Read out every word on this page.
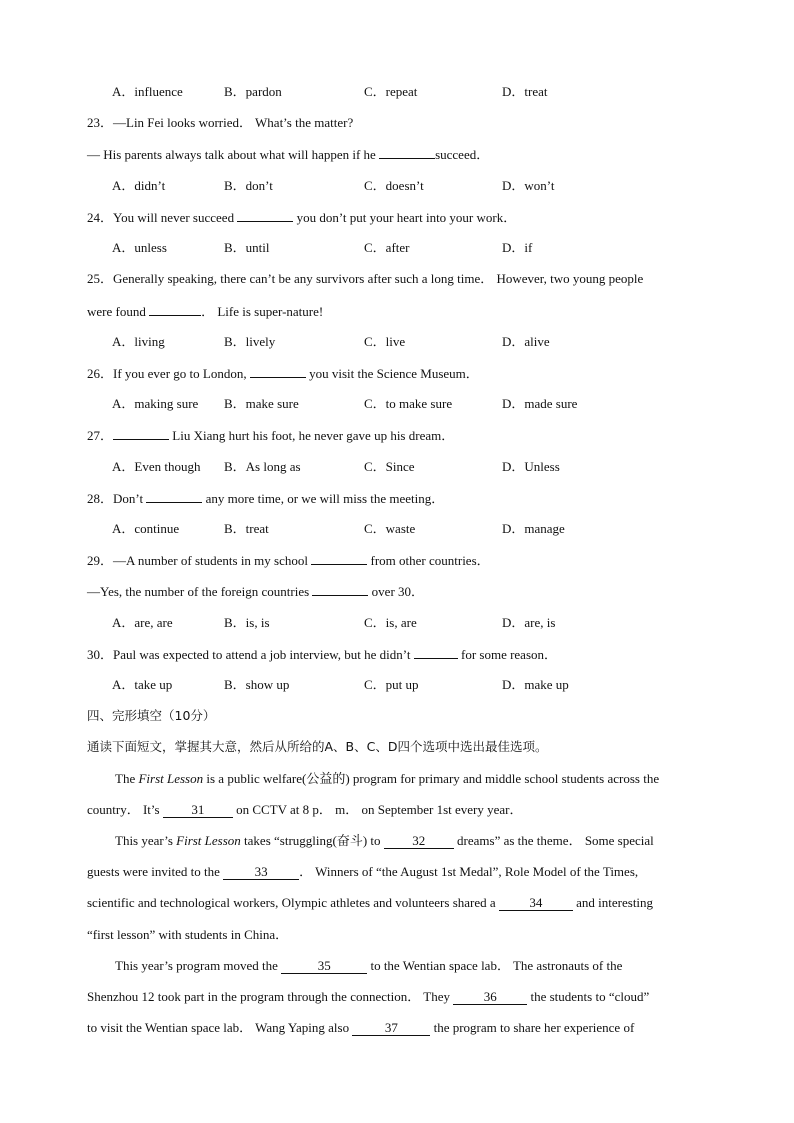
A．influence	B．pardon	C．repeat	D．treat
23．—Lin Fei looks worried． What’s the matter?
— His parents always talk about what will happen if he	succeed．
A．didn’t	B．don’t	C．doesn’t	D．won’t
24．You will never succeed	you don’t put your heart into your work．
A．unless	B．until	C．after	D．if
25．Generally speaking, there can’t be any survivors after such a long time． However, two young people
were found	． Life is super-nature!
A．living	B．lively	C．live	D．alive
26．If you ever go to London,	you visit the Science Museum．
A．making sure B．make sure	C．to make sure	D．made sure
27．	Liu Xiang hurt his foot, he never gave up his dream．
A．Even though B．As long as	C．Since	D．Unless
28．Don’t	any more time, or we will miss the meeting．
A．continue	B．treat	C．waste	D．manage
29．—A number of students in my school	from other countries．
—Yes, the number of the foreign countries	over 30．
A．are, are	B．is, is	C．is, are	D．are, is
30．Paul was expected to attend a job interview, but he didn’t	for some reason．
A．take up	B．show up	C．put up	D．make up
四、完形填空（10分）
通读下面短文，掌握其大意，然后从所给的A、B、C、D四个选项中选出最佳选项。
The First Lesson is a public welfare(公益的) program for primary and middle school students across the
country． It’s 31 on CCTV at 8 p． m． on September 1st every year．
This year’s First Lesson takes “struggling(奋斗) to 32 dreams” as the theme． Some special
guests were invited to the 33 ． Winners of “the August 1st Medal”, Role Model of the Times,
scientific and technological workers, Olympic athletes and volunteers shared a 34 and interesting
“first lesson” with students in China．
This year’s program moved the	35	to the Wentian space lab． The astronauts of the
Shenzhou 12 took part in the program through the connection． They 36 the students to “cloud”
to visit the Wentian space lab． Wang Yaping also	37	the program to share her experience of
